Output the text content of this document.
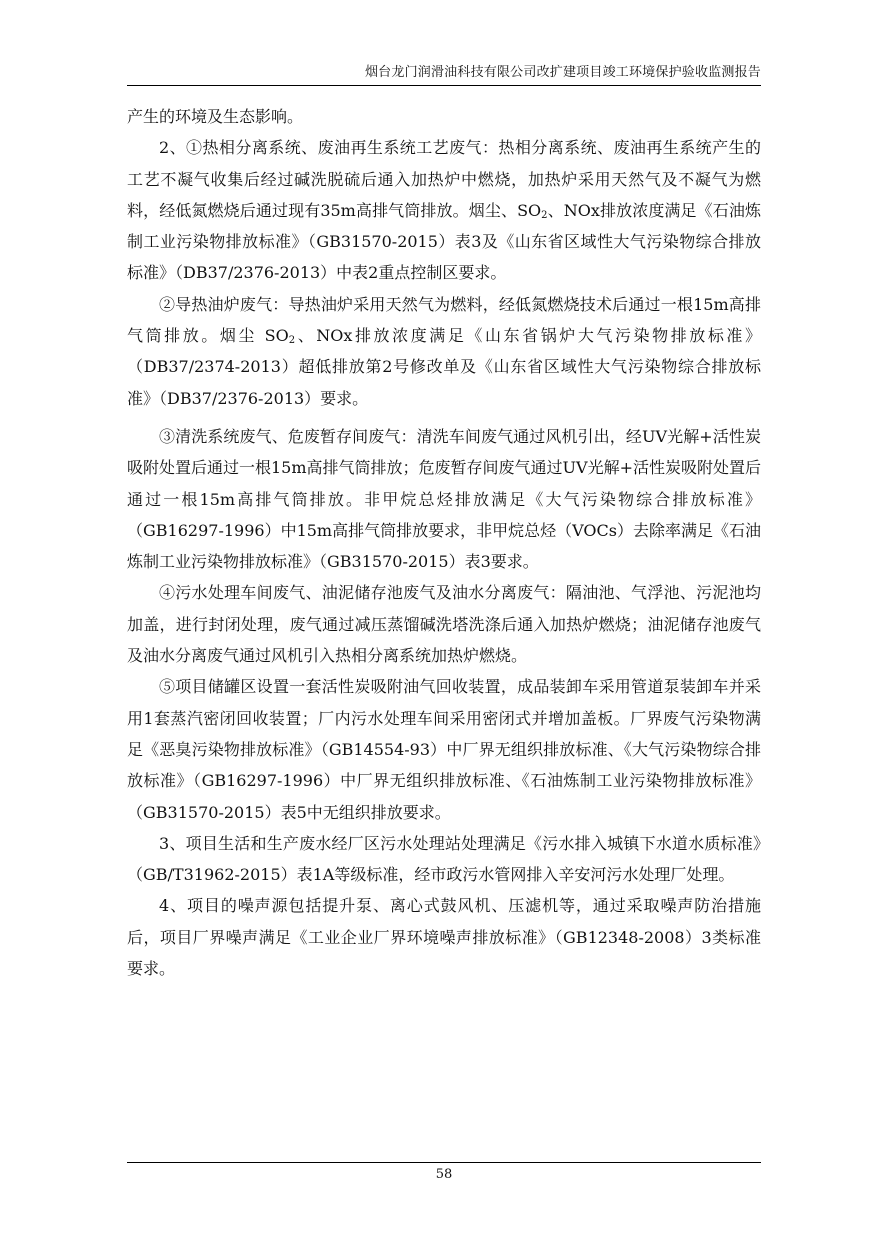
烟台龙门润滑油科技有限公司改扩建项目竣工环境保护验收监测报告

产生的环境及生态影响。

2、①热相分离系统、废油再生系统工艺废气：热相分离系统、废油再生系统产生的工艺不凝气收集后经过碱洗脱硫后通入加热炉中燃烧，加热炉采用天然气及不凝气为燃料，经低氮燃烧后通过现有35m高排气筒排放。烟尘、$SO_2$、NOx排放浓度满足《石油炼制工业污染物排放标准》（GB31570-2015）表3及《山东省区域性大气污染物综合排放标准》（DB37/2376-2013）中表2重点控制区要求。

②导热油炉废气：导热油炉采用天然气为燃料，经低氮燃烧技术后通过一根15m高排气筒排放。烟尘 $SO_2$、NOx排放浓度满足《山东省锅炉大气污染物排放标准》（DB37/2374-2013）超低排放第2号修改单及《山东省区域性大气污染物综合排放标准》（DB37/2376-2013）要求。

③清洗系统废气、危废暂存间废气：清洗车间废气通过风机引出，经UV光解+活性炭吸附处置后通过一根15m高排气筒排放；危废暂存间废气通过UV光解+活性炭吸附处置后通过一根15m高排气筒排放。非甲烷总烃排放满足《大气污染物综合排放标准》（GB16297-1996）中15m高排气筒排放要求，非甲烷总烃（VOCs）去除率满足《石油炼制工业污染物排放标准》（GB31570-2015）表3要求。

④污水处理车间废气、油泥储存池废气及油水分离废气：隔油池、气浮池、污泥池均加盖，进行封闭处理，废气通过减压蒸馏碱洗塔洗涤后通入加热炉燃烧；油泥储存池废气及油水分离废气通过风机引入热相分离系统加热炉燃烧。

⑤项目储罐区设置一套活性炭吸附油气回收装置，成品装卸车采用管道泵装卸车并采用1套蒸汽密闭回收装置；厂内污水处理车间采用密闭式并增加盖板。厂界废气污染物满足《恶臭污染物排放标准》（GB14554-93）中厂界无组织排放标准、《大气污染物综合排放标准》（GB16297-1996）中厂界无组织排放标准、《石油炼制工业污染物排放标准》（GB31570-2015）表5中无组织排放要求。

3、项目生活和生产废水经厂区污水处理站处理满足《污水排入城镇下水道水质标准》（GB/T31962-2015）表1A等级标准，经市政污水管网排入辛安河污水处理厂处理。

4、项目的噪声源包括提升泵、离心式鼓风机、压滤机等，通过采取噪声防治措施后，项目厂界噪声满足《工业企业厂界环境噪声排放标准》（GB12348-2008）3类标准要求。

58
